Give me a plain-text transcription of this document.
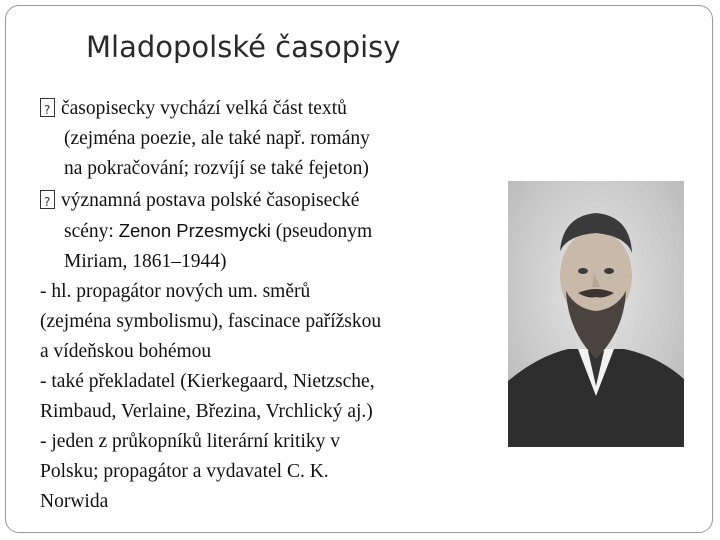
Mladopolské časopisy

?časopisecky vychází velká část textů
(zejména poezie, ale také např. romány
na pokračování; rozvíjí se také fejeton)

?významná postava polské časopisecké
scény: Zenon Przesmycki (pseudonym
Miriam, 1861–1944)

- hl. propagátor nových um. směrů
(zejména symbolismu), fascinace pařížskou
a vídeňskou bohémou

- také překladatel (Kierkegaard, Nietzsche,
Rimbaud, Verlaine, Březina, Vrchlický aj.)

- jeden z průkopníků literární kritiky v
Polsku; propagátor a vydavatel C. K.
Norwida
